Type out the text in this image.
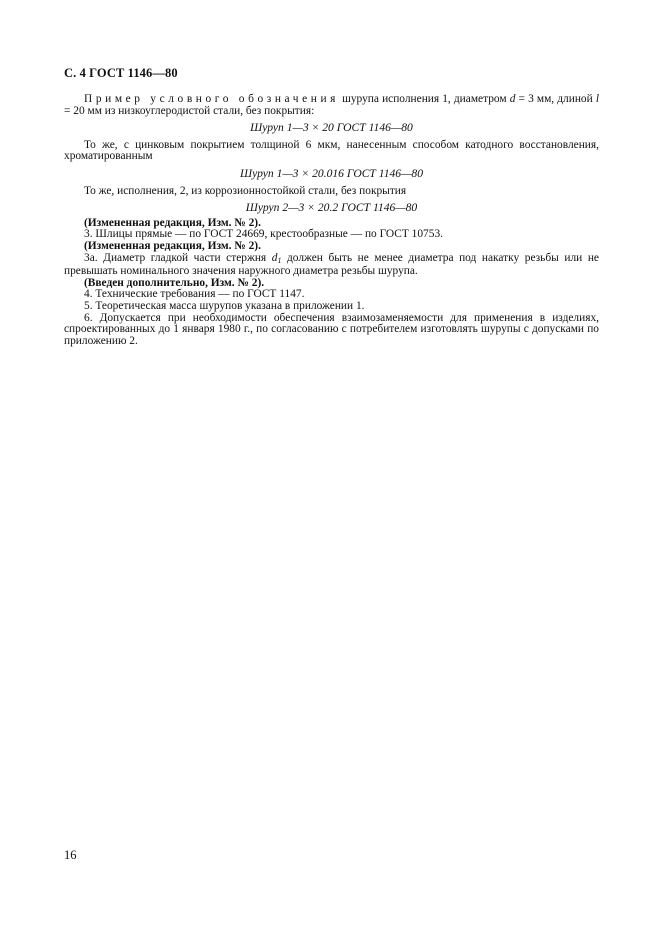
С. 4 ГОСТ 1146—80

Пример условного обозначения шурупа исполнения 1, диаметром d = 3 мм, длиной l = 20 мм из низкоуглеродистой стали, без покрытия:

Шуруп 1—3 × 20 ГОСТ 1146—80

То же, с цинковым покрытием толщиной 6 мкм, нанесенным способом катодного восстановления, хроматированным

Шуруп 1—3 × 20.016 ГОСТ 1146—80

То же, исполнения, 2, из коррозионностойкой стали, без покрытия

Шуруп 2—3 × 20.2 ГОСТ 1146—80

(Измененная редакция, Изм. № 2).

3. Шлицы прямые — по ГОСТ 24669, крестообразные — по ГОСТ 10753.

(Измененная редакция, Изм. № 2).

3а. Диаметр гладкой части стержня $d_1$ должен быть не менее диаметра под накатку резьбы или не превышать номинального значения наружного диаметра резьбы шурупа.

(Введен дополнительно, Изм. № 2).

4. Технические требования — по ГОСТ 1147.

5. Теоретическая масса шурупов указана в приложении 1.

6. Допускается при необходимости обеспечения взаимозаменяемости для применения в изделиях, спроектированных до 1 января 1980 г., по согласованию с потребителем изготовлять шурупы с допусками по приложению 2.

16
